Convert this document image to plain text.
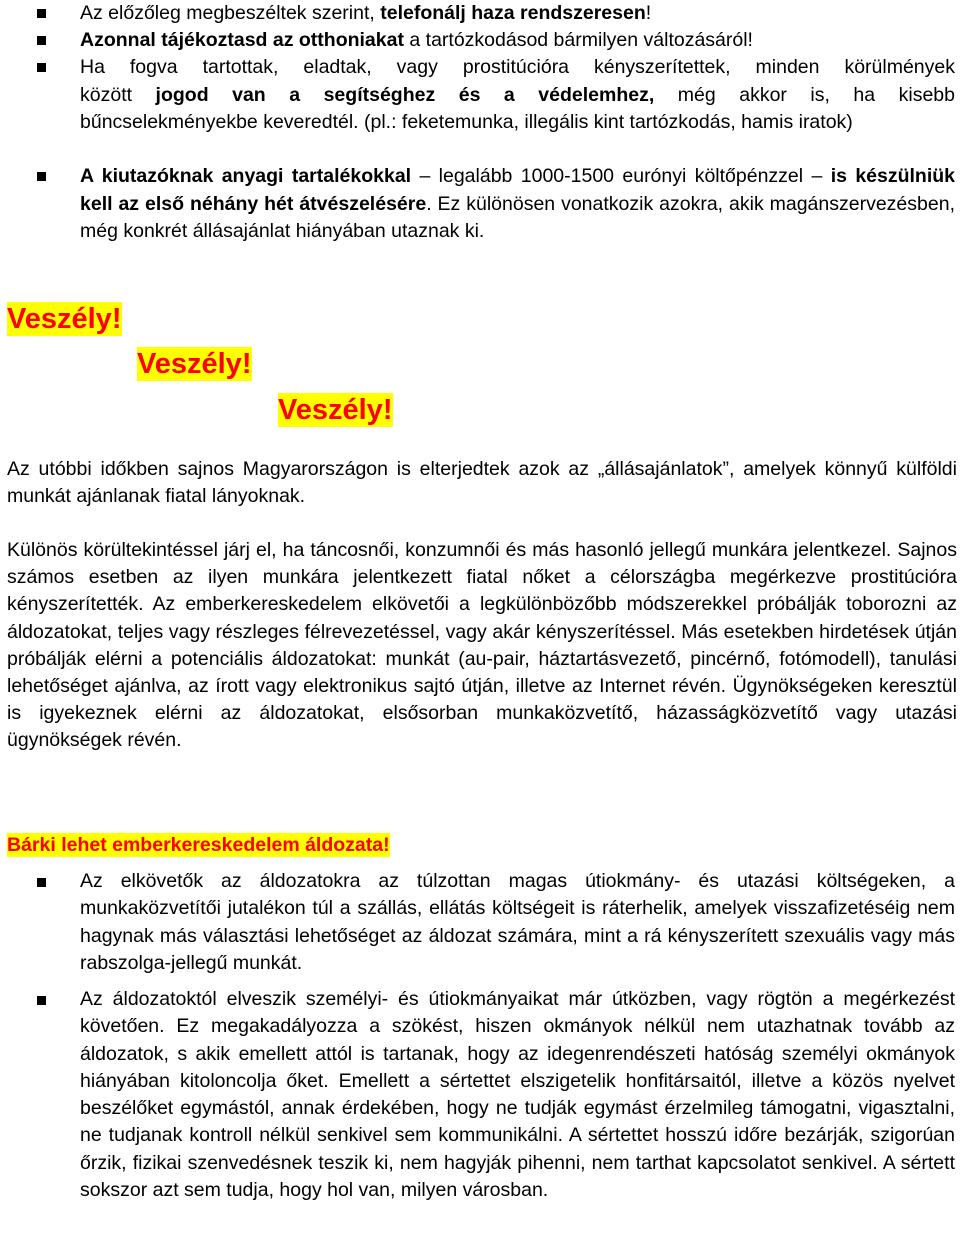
Az előzőleg megbeszéltek szerint, telefonálj haza rendszeresen!
Azonnal tájékoztasd az otthoniakat a tartózkodásod bármilyen változásáról!
Ha fogva tartottak, eladtak, vagy prostitúcióra kényszerítettek, minden körülmények
között jogod van a segítséghez és a védelemhez, még akkor is, ha kisebb
bűncselekményekbe keveredtél. (pl.: feketemunka, illegális kint tartózkodás, hamis iratok)
A kiutazóknak anyagi tartalékokkal – legalább 1000-1500 eurónyi költőpénzzel – is készülniük kell az első néhány hét átvészelésére. Ez különösen vonatkozik azokra, akik magánszervezésben, még konkrét állásajánlat hiányában utaznak ki.
Veszély!
Veszély!
Veszély!
Az utóbbi időkben sajnos Magyarországon is elterjedtek azok az „állásajánlatok”, amelyek könnyű külföldi munkát ajánlanak fiatal lányoknak.
Különös körültekintéssel járj el, ha táncosnői, konzumnői és más hasonló jellegű munkára jelentkezel. Sajnos számos esetben az ilyen munkára jelentkezett fiatal nőket a célországba megérkezve prostitúcióra kényszerítették. Az emberkereskedelem elkövetői a legkülönbözőbb módszerekkel próbálják toborozni az áldozatokat, teljes vagy részleges félrevezetéssel, vagy akár kényszerítéssel. Más esetekben hirdetések útján próbálják elérni a potenciális áldozatokat: munkát (au-pair, háztartásvezető, pincérnő, fotómodell), tanulási lehetőséget ajánlva, az írott vagy elektronikus sajtó útján, illetve az Internet révén. Ügynökségeken keresztül is igyekeznek elérni az áldozatokat, elsősorban munkaközvetítő, házasságközvetítő vagy utazási ügynökségek révén.
Bárki lehet emberkereskedelem áldozata!
Az elkövetők az áldozatokra az túlzottan magas útiokmány- és utazási költségeken, a munkaközvetítői jutalékon túl a szállás, ellátás költségeit is ráterhelik, amelyek visszafizetéséig nem hagynak más választási lehetőséget az áldozat számára, mint a rá kényszerített szexuális vagy más rabszolga-jellegű munkát.
Az áldozatoktól elveszik személyi- és útiokmányaikat már útközben, vagy rögtön a megérkezést követően. Ez megakadályozza a szökést, hiszen okmányok nélkül nem utazhatnak tovább az áldozatok, s akik emellett attól is tartanak, hogy az idegenrendészeti hatóság személyi okmányok hiányában kitoloncolja őket. Emellett a sértettet elszigetelik honfitársaitól, illetve a közös nyelvet beszélőket egymástól, annak érdekében, hogy ne tudják egymást érzelmileg támogatni, vigasztalni, ne tudjanak kontroll nélkül senkivel sem kommunikálni. A sértettet hosszú időre bezárják, szigorúan őrzik, fizikai szenvedésnek teszik ki, nem hagyják pihenni, nem tarthat kapcsolatot senkivel. A sértett sokszor azt sem tudja, hogy hol van, milyen városban.
